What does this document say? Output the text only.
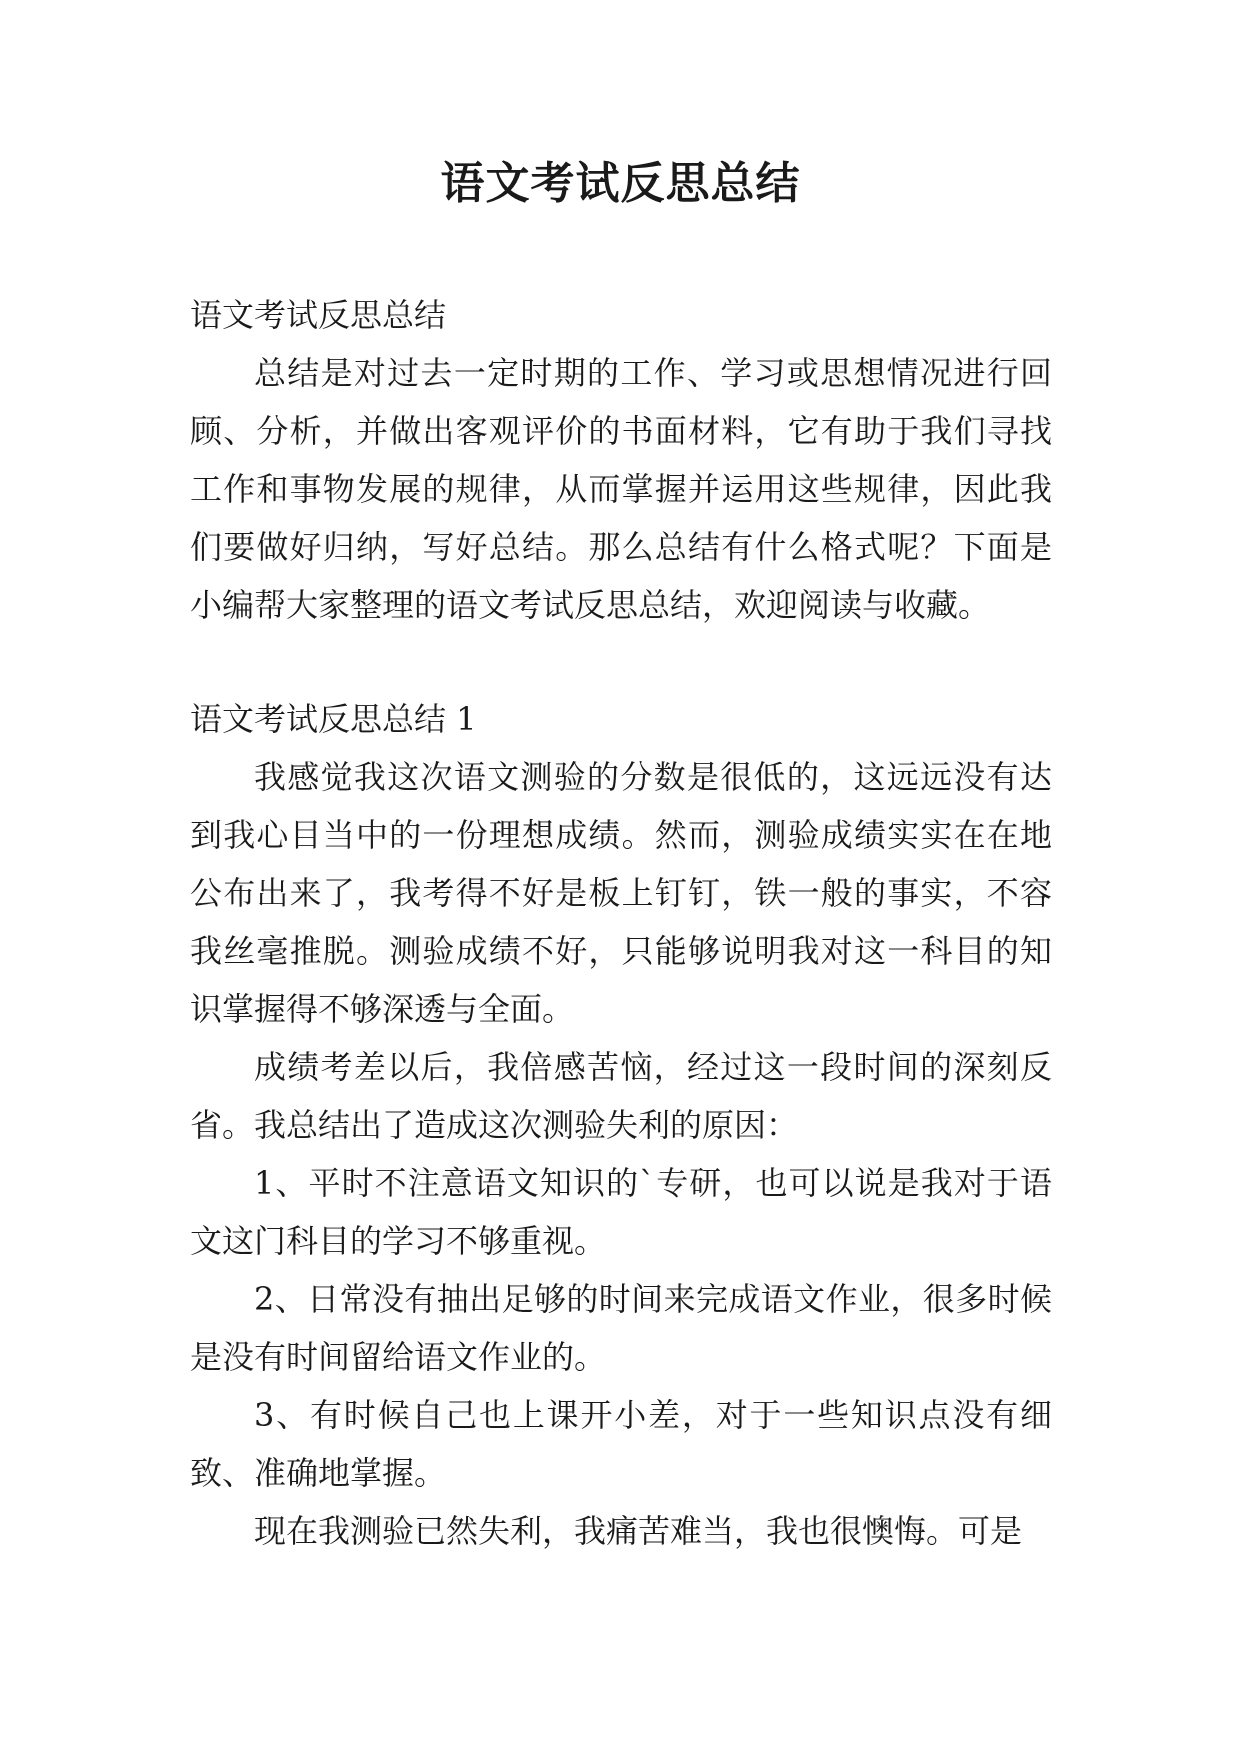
语文考试反思总结

语文考试反思总结

总结是对过去一定时期的工作、学习或思想情况进行回顾、分析，并做出客观评价的书面材料，它有助于我们寻找工作和事物发展的规律，从而掌握并运用这些规律，因此我们要做好归纳，写好总结。那么总结有什么格式呢？下面是小编帮大家整理的语文考试反思总结，欢迎阅读与收藏。

语文考试反思总结 1

我感觉我这次语文测验的分数是很低的，这远远没有达到我心目当中的一份理想成绩。然而，测验成绩实实在在地公布出来了，我考得不好是板上钉钉，铁一般的事实，不容我丝毫推脱。测验成绩不好，只能够说明我对这一科目的知识掌握得不够深透与全面。

成绩考差以后，我倍感苦恼，经过这一段时间的深刻反省。我总结出了造成这次测验失利的原因：

1、平时不注意语文知识的`专研，也可以说是我对于语文这门科目的学习不够重视。

2、日常没有抽出足够的时间来完成语文作业，很多时候是没有时间留给语文作业的。

3、有时候自己也上课开小差，对于一些知识点没有细致、准确地掌握。

现在我测验已然失利，我痛苦难当，我也很懊悔。可是
